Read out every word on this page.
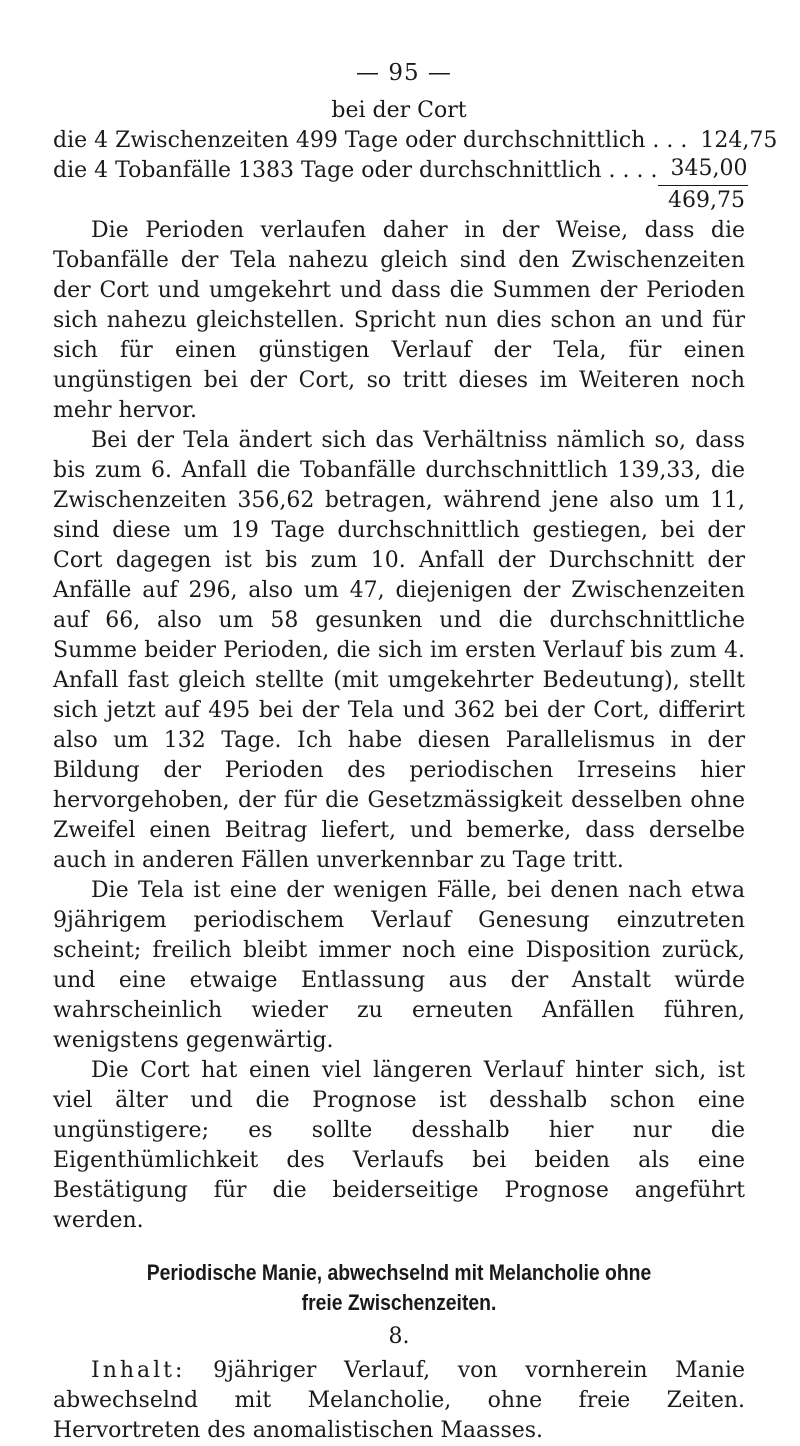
— 95 —
bei der Cort
die 4 Zwischenzeiten 499 Tage oder durchschnittlich . . . 124,75
die 4 Tobanfälle 1383 Tage oder durchschnittlich . . . . 345,00
469,75

Die Perioden verlaufen daher in der Weise, dass die Tobanfälle der Tela nahezu gleich sind den Zwischenzeiten der Cort und umgekehrt und dass die Summen der Perioden sich nahezu gleichstellen. Spricht nun dies schon an und für sich für einen günstigen Verlauf der Tela, für einen ungünstigen bei der Cort, so tritt dieses im Weiteren noch mehr hervor.

Bei der Tela ändert sich das Verhältniss nämlich so, dass bis zum 6. Anfall die Tobanfälle durchschnittlich 139,33, die Zwischenzeiten 356,62 betragen, während jene also um 11, sind diese um 19 Tage durchschnittlich gestiegen, bei der Cort dagegen ist bis zum 10. Anfall der Durchschnitt der Anfälle auf 296, also um 47, diejenigen der Zwischenzeiten auf 66, also um 58 gesunken und die durchschnittliche Summe beider Perioden, die sich im ersten Verlauf bis zum 4. Anfall fast gleich stellte (mit umgekehrter Bedeutung), stellt sich jetzt auf 495 bei der Tela und 362 bei der Cort, differirt also um 132 Tage. Ich habe diesen Parallelismus in der Bildung der Perioden des periodischen Irreseins hier hervorgehoben, der für die Gesetzmässigkeit desselben ohne Zweifel einen Beitrag liefert, und bemerke, dass derselbe auch in anderen Fällen unverkennbar zu Tage tritt.

Die Tela ist eine der wenigen Fälle, bei denen nach etwa 9jährigem periodischem Verlauf Genesung einzutreten scheint; freilich bleibt immer noch eine Disposition zurück, und eine etwaige Entlassung aus der Anstalt würde wahrscheinlich wieder zu erneuten Anfällen führen, wenigstens gegenwärtig.

Die Cort hat einen viel längeren Verlauf hinter sich, ist viel älter und die Prognose ist desshalb schon eine ungünstigere; es sollte desshalb hier nur die Eigenthümlichkeit des Verlaufs bei beiden als eine Bestätigung für die beiderseitige Prognose angeführt werden.

Periodische Manie, abwechselnd mit Melancholie ohne
freie Zwischenzeiten.
8.

Inhalt: 9jähriger Verlauf, von vornherein Manie abwechselnd mit Melancholie, ohne freie Zeiten. Hervortreten des anomalistischen Maasses.
